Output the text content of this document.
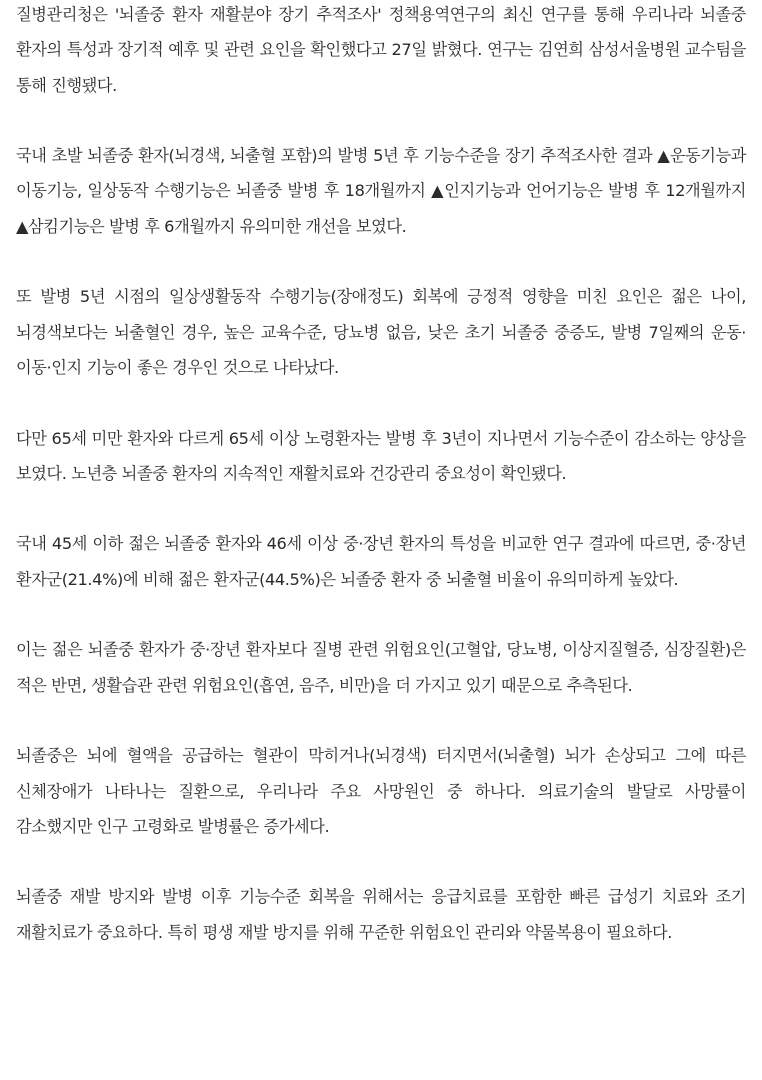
질병관리청은 '뇌졸중 환자 재활분야 장기 추적조사' 정책용역연구의 최신 연구를 통해 우리나라 뇌졸중 환자의 특성과 장기적 예후 및 관련 요인을 확인했다고 27일 밝혔다. 연구는 김연희 삼성서울병원 교수팀을 통해 진행됐다.

국내 초발 뇌졸중 환자(뇌경색, 뇌출혈 포함)의 발병 5년 후 기능수준을 장기 추적조사한 결과 ▲운동기능과 이동기능, 일상동작 수행기능은 뇌졸중 발병 후 18개월까지 ▲인지기능과 언어기능은 발병 후 12개월까지 ▲삼킴기능은 발병 후 6개월까지 유의미한 개선을 보였다.

또 발병 5년 시점의 일상생활동작 수행기능(장애정도) 회복에 긍정적 영향을 미친 요인은 젊은 나이, 뇌경색보다는 뇌출혈인 경우, 높은 교육수준, 당뇨병 없음, 낮은 초기 뇌졸중 중증도, 발병 7일째의 운동·이동·인지 기능이 좋은 경우인 것으로 나타났다.

다만 65세 미만 환자와 다르게 65세 이상 노령환자는 발병 후 3년이 지나면서 기능수준이 감소하는 양상을 보였다. 노년층 뇌졸중 환자의 지속적인 재활치료와 건강관리 중요성이 확인됐다.

국내 45세 이하 젊은 뇌졸중 환자와 46세 이상 중·장년 환자의 특성을 비교한 연구 결과에 따르면, 중·장년 환자군(21.4%)에 비해 젊은 환자군(44.5%)은 뇌졸중 환자 중 뇌출혈 비율이 유의미하게 높았다.

이는 젊은 뇌졸중 환자가 중·장년 환자보다 질병 관련 위험요인(고혈압, 당뇨병, 이상지질혈증, 심장질환)은 적은 반면, 생활습관 관련 위험요인(흡연, 음주, 비만)을 더 가지고 있기 때문으로 추측된다.

뇌졸중은 뇌에 혈액을 공급하는 혈관이 막히거나(뇌경색) 터지면서(뇌출혈) 뇌가 손상되고 그에 따른 신체장애가 나타나는 질환으로, 우리나라 주요 사망원인 중 하나다. 의료기술의 발달로 사망률이 감소했지만 인구 고령화로 발병률은 증가세다.

뇌졸중 재발 방지와 발병 이후 기능수준 회복을 위해서는 응급치료를 포함한 빠른 급성기 치료와 조기 재활치료가 중요하다. 특히 평생 재발 방지를 위해 꾸준한 위험요인 관리와 약물복용이 필요하다.
